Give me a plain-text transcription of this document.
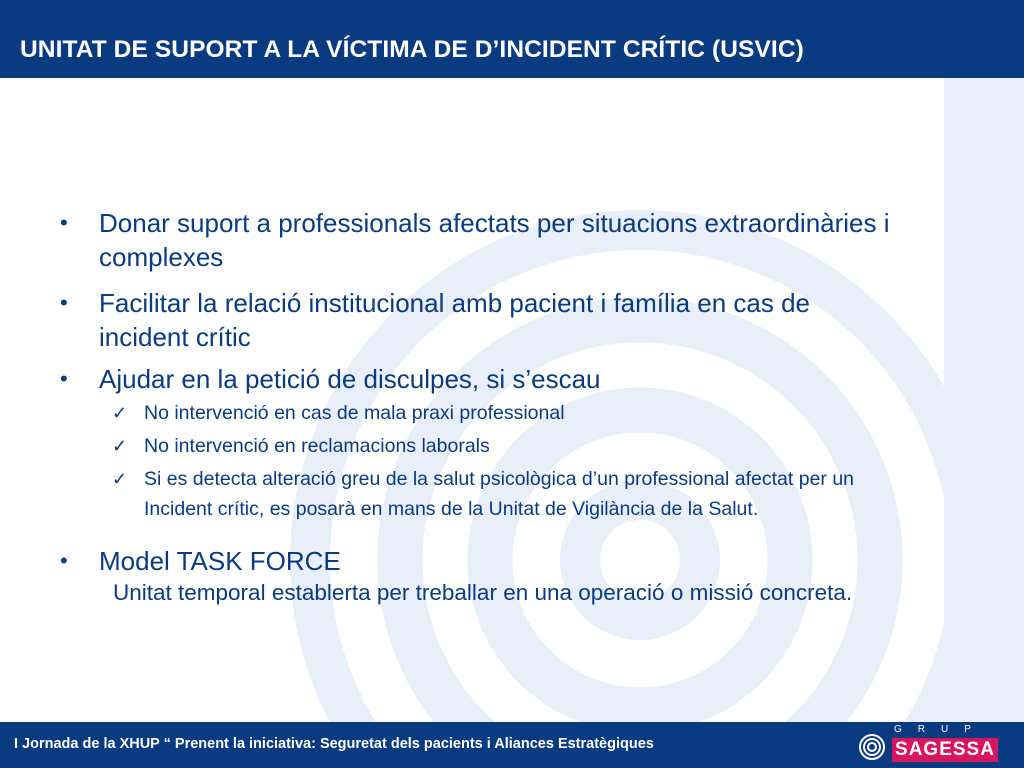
UNITAT DE SUPORT A LA VÍCTIMA DE D’INCIDENT CRÍTIC (USVIC)
• Donar suport a professionals afectats per situacions extraordinàries i
complexes
• Facilitar la relació institucional amb pacient i família en cas de
incident crític
• Ajudar en la petició de disculpes, si s’escau
✓ No intervenció en cas de mala praxi professional
✓ No intervenció en reclamacions laborals
✓ Si es detecta alteració greu de la salut psicològica d’un professional afectat per un
Incident crític, es posarà en mans de la Unitat de Vigilància de la Salut.
• Model TASK FORCE
Unitat temporal establerta per treballar en una operació o missió concreta.
I Jornada de la XHUP “ Prenent la iniciativa: Seguretat dels pacients i Aliances Estratègiques
GRUP
SAGESSA
